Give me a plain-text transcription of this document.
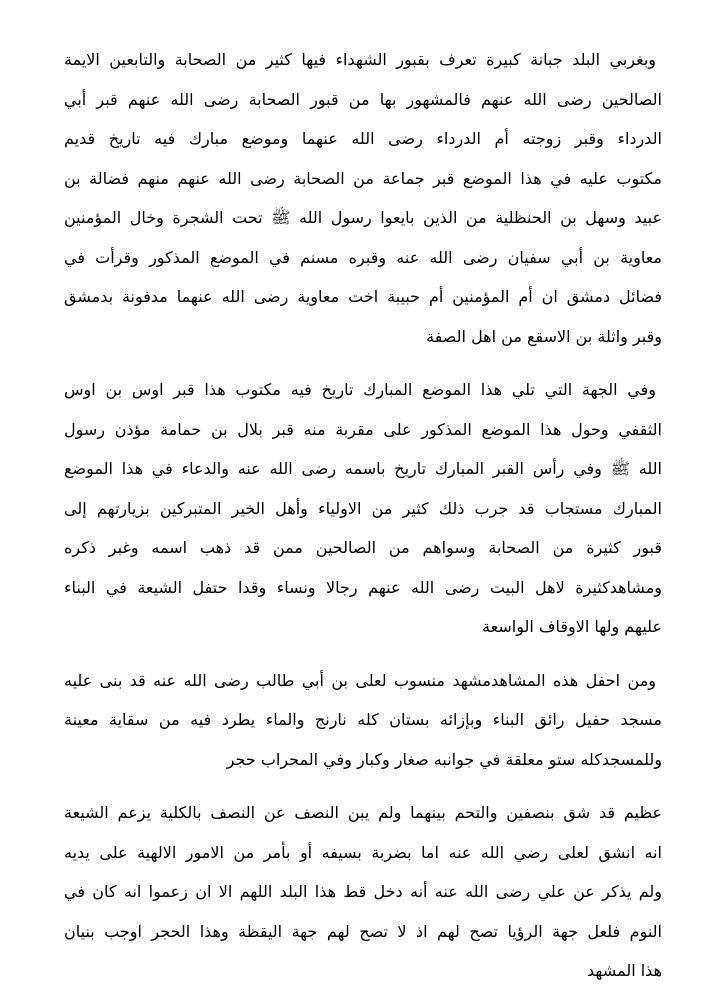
وبغربي البلد جبانة كبيرة تعرف بقبور الشهداء فيها كثير من الصحابة والتابعين الايمة
الصالحين رضى الله عنهم فالمشهور بها من قبور الصحابة رضى الله عنهم قبر أبي
الدرداء وقبر زوجته أم الدرداء رضى الله عنهما وموضع مبارك فيه تاريخ قديم
مكتوب عليه في هذا الموضع قبر جماعة من الصحابة رضى الله عنهم منهم فضالة بن
عبيد وسهل بن الحنظلية من الذين بايعوا رسول الله ﷺ تحت الشجرة وخال المؤمنين
معاوية بن أبي سفيان رضى الله عنه وقبره مسنم في الموضع المذكور وقرأت في
فضائل دمشق ان أم المؤمنين أم حبيبة اخت معاوية رضى الله عنهما مدفونة بدمشق
وقبر واثلة بن الاسقع من اهل الصفة
وفي الجهة التي تلي هذا الموضع المبارك تاريخ فيه مكتوب هذا قبر اوس بن اوس
الثقفي وحول هذا الموضع المذكور على مقربة منه قبر بلال بن حمامة مؤذن رسول
الله ﷺ وفي رأس القبر المبارك تاريخ باسمه رضى الله عنه والدعاء في هذا الموضع
المبارك مستجاب قد جرب ذلك كثير من الاولياء وأهل الخير المتبركين بزيارتهم إلى
قبور كثيرة من الصحابة وسواهم من الصالحين ممن قد ذهب اسمه وغبر ذكره
ومشاهدكثيرة لاهل البيت رضى الله عنهم رجالا ونساء وقدا حتفل الشيعة في البناء
عليهم ولها الاوقاف الواسعة
ومن احفل هذه المشاهدمشهد منسوب لعلى بن أبي طالب رضى الله عنه قد بنى عليه
مسجد حفيل رائق البناء وبإزائه بستان كله نارنج والماء يطرد فيه من سقاية معينة
وللمسجدكله ستو معلقة في جوانبه صغار وكبار وفي المحراب حجر
عظيم قد شق بنصفين والتحم بينهما ولم يبن النصف عن النصف بالكلية يزعم الشيعة
انه انشق لعلى رضي الله عنه اما بضربة بسيفه أو بأمر من الامور الالهية على يديه
ولم يذكر عن علي رضى الله عنه أنه دخل قط هذا البلد اللهم الا ان زعموا انه كان في
النوم فلعل جهة الرؤيا تصح لهم اذ لا تصح لهم جهة اليقظة وهذا الحجر اوجب بنيان
هذا المشهد
